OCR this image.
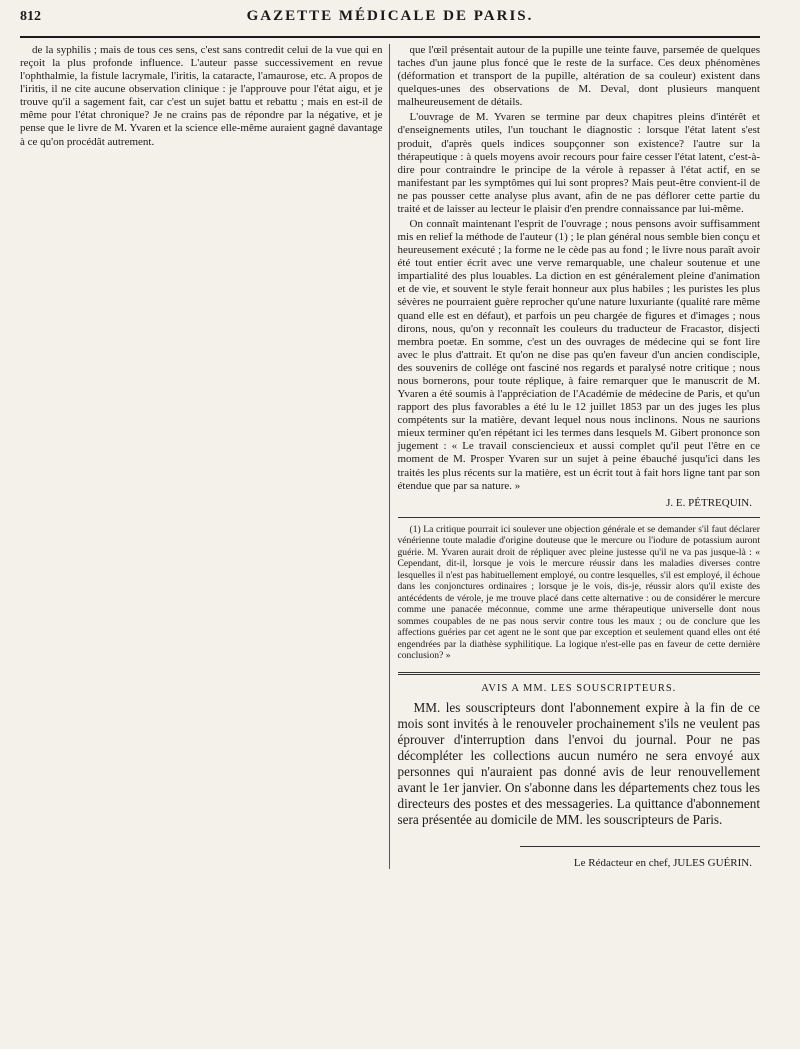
812	GAZETTE MÉDICALE DE PARIS.

de la syphilis ; mais de tous ces sens, c'est sans contredit celui de la vue qui en reçoit la plus profonde influence. L'auteur passe successivement en revue l'ophthalmie, la fistule lacrymale, l'iritis, la cataracte, l'amaurose, etc. A propos de l'iritis, il ne cite aucune observation clinique : je l'approuve pour l'état aigu, et je trouve qu'il a sagement fait, car c'est un sujet battu et rebattu ; mais en est-il de même pour l'état chronique? Je ne crains pas de répondre par la négative, et je pense que le livre de M. Yvaren et la science elle-même auraient gagné davantage à ce qu'on procédât autrement.

que l'œil présentait autour de la pupille une teinte fauve, parsemée de quelques taches d'un jaune plus foncé que le reste de la surface. Ces deux phénomènes (déformation et transport de la pupille, altération de sa couleur) existent dans quelques-unes des observations de M. Deval, dont plusieurs manquent malheureusement de détails.

L'ouvrage de M. Yvaren se termine par deux chapitres pleins d'intérêt et d'enseignements utiles, l'un touchant le diagnostic : lorsque l'état latent s'est produit, d'après quels indices soupçonner son existence? l'autre sur la thérapeutique : à quels moyens avoir recours pour faire cesser l'état latent, c'est-à-dire pour contraindre le principe de la vérole à repasser à l'état actif, en se manifestant par les symptômes qui lui sont propres? Mais peut-être convient-il de ne pas pousser cette analyse plus avant, afin de ne pas déflorer cette partie du traité et de laisser au lecteur le plaisir d'en prendre connaissance par lui-même.

On connaît maintenant l'esprit de l'ouvrage ; nous pensons avoir suffisamment mis en relief la méthode de l'auteur (1) ; le plan général nous semble bien conçu et heureusement exécuté ; la forme ne le cède pas au fond ; le livre nous paraît avoir été tout entier écrit avec une verve remarquable, une chaleur soutenue et une impartialité des plus louables. La diction en est généralement pleine d'animation et de vie, et souvent le style ferait honneur aux plus habiles ; les puristes les plus sévères ne pourraient guère reprocher qu'une nature luxuriante (qualité rare même quand elle est en défaut), et parfois un peu chargée de figures et d'images ; nous dirons, nous, qu'on y reconnaît les couleurs du traducteur de Fracastor, disjecti membra poetæ. En somme, c'est un des ouvrages de médecine qui se font lire avec le plus d'attrait. Et qu'on ne dise pas qu'en faveur d'un ancien condisciple, des souvenirs de collége ont fasciné nos regards et paralysé notre critique ; nous nous bornerons, pour toute réplique, à faire remarquer que le manuscrit de M. Yvaren a été soumis à l'appréciation de l'Académie de médecine de Paris, et qu'un rapport des plus favorables a été lu le 12 juillet 1853 par un des juges les plus compétents sur la matière, devant lequel nous nous inclinons. Nous ne saurions mieux terminer qu'en répétant ici les termes dans lesquels M. Gibert prononce son jugement : « Le travail consciencieux et aussi complet qu'il peut l'être en ce moment de M. Prosper Yvaren sur un sujet à peine ébauché jusqu'ici dans les traités les plus récents sur la matière, est un écrit tout à fait hors ligne tant par son étendue que par sa nature. »

J. E. PÉTREQUIN.

(1) La critique pourrait ici soulever une objection générale et se demander s'il faut déclarer vénérienne toute maladie d'origine douteuse que le mercure ou l'iodure de potassium auront guérie. M. Yvaren aurait droit de répliquer avec pleine justesse qu'il ne va pas jusque-là : « Cependant, dit-il, lorsque je vois le mercure réussir dans les maladies diverses contre lesquelles il n'est pas habituellement employé, ou contre lesquelles, s'il est employé, il échoue dans les conjonctures ordinaires ; lorsque je le vois, dis-je, réussir alors qu'il existe des antécédents de vérole, je me trouve placé dans cette alternative : ou de considérer le mercure comme une panacée méconnue, comme une arme thérapeutique universelle dont nous sommes coupables de ne pas nous servir contre tous les maux ; ou de conclure que les affections guéries par cet agent ne le sont que par exception et seulement quand elles ont été engendrées par la diathèse syphilitique. La logique n'est-elle pas en faveur de cette dernière conclusion? »

AVIS A MM. LES SOUSCRIPTEURS.

MM. les souscripteurs dont l'abonnement expire à la fin de ce mois sont invités à le renouveler prochainement s'ils ne veulent pas éprouver d'interruption dans l'envoi du journal. Pour ne pas décompléter les collections aucun numéro ne sera envoyé aux personnes qui n'auraient pas donné avis de leur renouvellement avant le 1er janvier. On s'abonne dans les départements chez tous les directeurs des postes et des messageries. La quittance d'abonnement sera présentée au domicile de MM. les souscripteurs de Paris.

Le Rédacteur en chef, JULES GUÉRIN.
